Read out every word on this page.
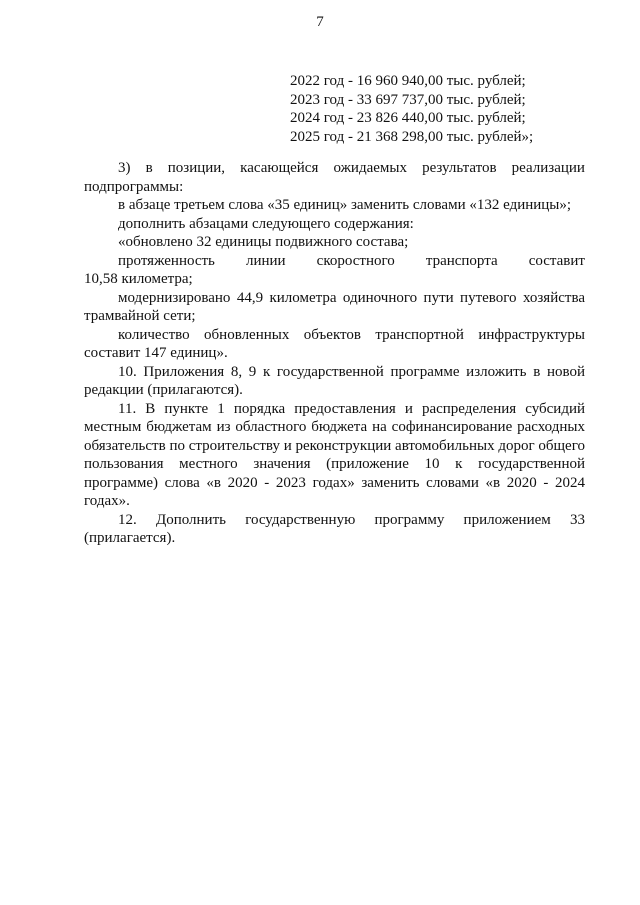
7
2022 год - 16 960 940,00 тыс. рублей;
2023 год - 33 697 737,00 тыс. рублей;
2024 год - 23 826 440,00 тыс. рублей;
2025 год - 21 368 298,00 тыс. рублей»;
3) в позиции, касающейся ожидаемых результатов реализации
подпрограммы:

в абзаце третьем слова «35 единиц» заменить словами «132 единицы»;

дополнить абзацами следующего содержания:

«обновлено 32 единицы подвижного состава;

протяженность линии скоростного транспорта составит
10,58 километра;

модернизировано 44,9 километра одиночного пути путевого хозяйства трамвайной сети;

количество обновленных объектов транспортной инфраструктуры составит 147 единиц».

10. Приложения 8, 9 к государственной программе изложить в новой редакции (прилагаются).

11. В пункте 1 порядка предоставления и распределения субсидий местным бюджетам из областного бюджета на софинансирование расходных обязательств по строительству и реконструкции автомобильных дорог общего пользования местного значения (приложение 10 к государственной программе) слова «в 2020 - 2023 годах» заменить словами «в 2020 - 2024 годах».

12. Дополнить государственную программу приложением 33
(прилагается).
